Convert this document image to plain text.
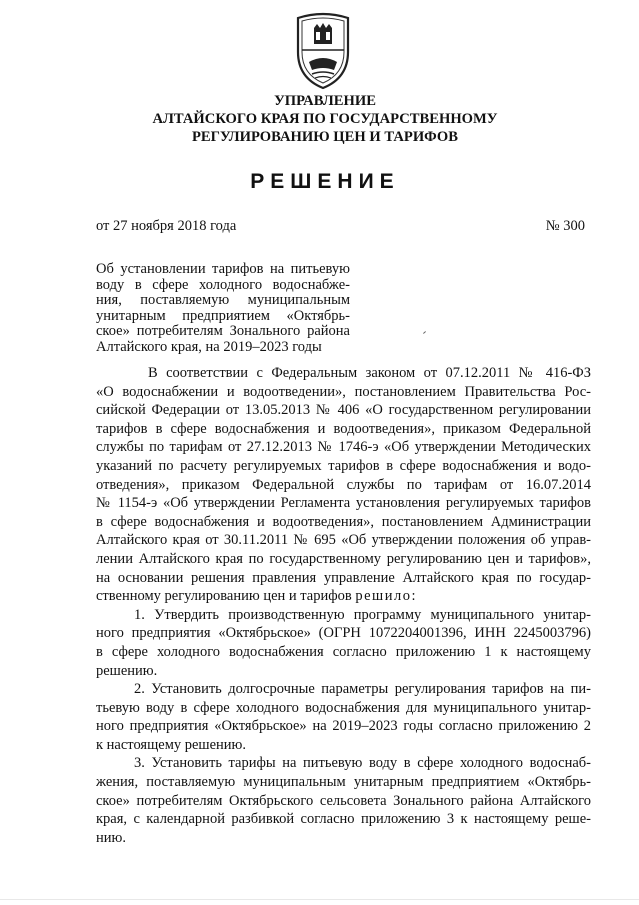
УПРАВЛЕНИЕ
АЛТАЙСКОГО КРАЯ ПО ГОСУДАРСТВЕННОМУ
РЕГУЛИРОВАНИЮ ЦЕН И ТАРИФОВ
РЕШЕНИЕ
от 27 ноября 2018 года	№ 300
Об установлении тарифов на питьевую
воду в сфере холодного водоснабже-
ния, поставляемую муниципальным
унитарным предприятием «Октябрь-
ское» потребителям Зонального района
Алтайского края, на 2019–2023 годы
В соответствии с Федеральным законом от 07.12.2011 № 416-ФЗ
«О водоснабжении и водоотведении», постановлением Правительства Рос-
сийской Федерации от 13.05.2013 № 406 «О государственном регулировании
тарифов в сфере водоснабжения и водоотведения», приказом Федеральной
службы по тарифам от 27.12.2013 № 1746-э «Об утверждении Методических
указаний по расчету регулируемых тарифов в сфере водоснабжения и водо-
отведения», приказом Федеральной службы по тарифам от 16.07.2014
№ 1154-э «Об утверждении Регламента установления регулируемых тарифов
в сфере водоснабжения и водоотведения», постановлением Администрации
Алтайского края от 30.11.2011 № 695 «Об утверждении положения об управ-
лении Алтайского края по государственному регулированию цен и тарифов»,
на основании решения правления управление Алтайского края по государ-
ственному регулированию цен и тарифов решило:
1. Утвердить производственную программу муниципального унитар-
ного предприятия «Октябрьское» (ОГРН 1072204001396, ИНН 2245003796)
в сфере холодного водоснабжения согласно приложению 1 к настоящему
решению.
2. Установить долгосрочные параметры регулирования тарифов на пи-
тьевую воду в сфере холодного водоснабжения для муниципального унитар-
ного предприятия «Октябрьское» на 2019–2023 годы согласно приложению 2
к настоящему решению.
3. Установить тарифы на питьевую воду в сфере холодного водоснаб-
жения, поставляемую муниципальным унитарным предприятием «Октябрь-
ское» потребителям Октябрьского сельсовета Зонального района Алтайского
края, с календарной разбивкой согласно приложению 3 к настоящему реше-
нию.
